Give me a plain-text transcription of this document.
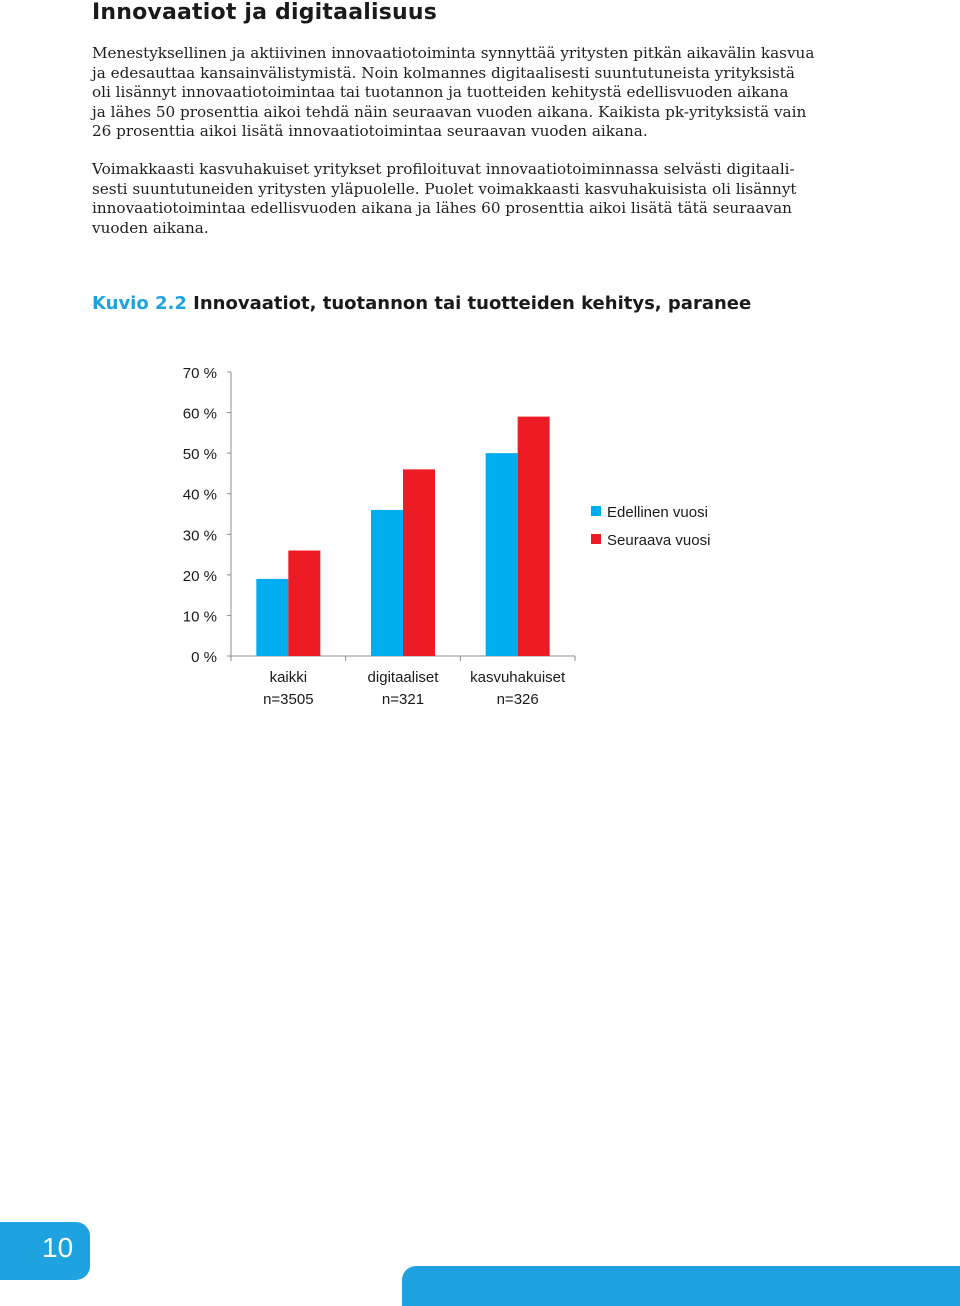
Innovaatiot ja digitaalisuus

Menestyksellinen ja aktiivinen innovaatiotoiminta synnyttää yritysten pitkän aikavälin kasvua
ja edesauttaa kansainvälistymistä. Noin kolmannes digitaalisesti suuntutuneista yrityksistä
oli lisännyt innovaatiotoimintaa tai tuotannon ja tuotteiden kehitystä edellisvuoden aikana
ja lähes 50 prosenttia aikoi tehdä näin seuraavan vuoden aikana. Kaikista pk-yrityksistä vain
26 prosenttia aikoi lisätä innovaatiotoimintaa seuraavan vuoden aikana.

Voimakkaasti kasvuhakuiset yritykset profiloituvat innovaatiotoiminnassa selvästi digitaali-
sesti suuntutuneiden yritysten yläpuolelle. Puolet voimakkaasti kasvuhakuisista oli lisännyt
innovaatiotoimintaa edellisvuoden aikana ja lähes 60 prosenttia aikoi lisätä tätä seuraavan
vuoden aikana.

Kuvio 2.2 Innovaatiot, tuotannon tai tuotteiden kehitys, paranee
0 %
10 %
20 %
30 %
40 %
50 %
60 %
70 %
kaikki
n=3505
digitaaliset
n=321
kasvuhakuiset
n=326
Edellinen vuosi
Seuraava vuosi
10
